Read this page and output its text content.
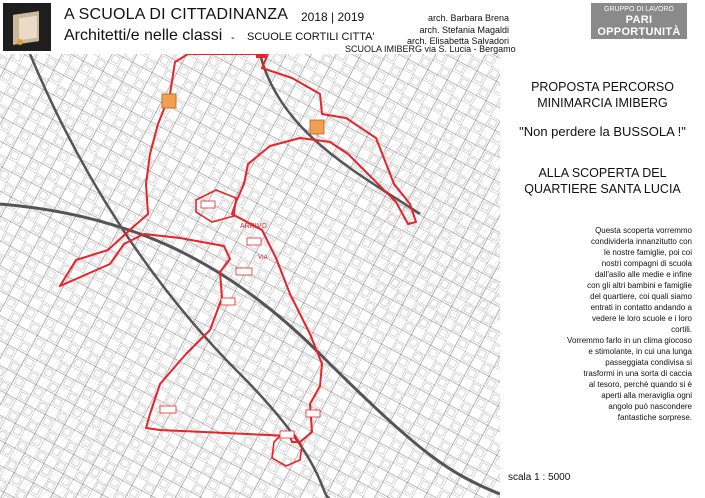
A SCUOLA DI CITTADINANZA
Architetti/e nelle classi - SCUOLE CORTILI CITTA'
2018 | 2019	arch. Barbara Brena
arch. Stefania Magaldi
arch. Elisabetta Salvadori
SCUOLA IMIBERG via S. Lucia - Bergamo
GRUPPO DI LAVORO
PARI OPPORTUNITÀ
OAB
ARRIVO
VIA
PROPOSTA PERCORSO
MINIMARCIA IMIBERG
"Non perdere la BUSSOLA !"
ALLA SCOPERTA DEL
QUARTIERE SANTA LUCIA
Questa scoperta vorremmo
condividerla innanzitutto con
le nostre famiglie, poi coi
nostri compagni di scuola
dall'asilo alle medie e infine
con gli altri bambini e famiglie
del quartiere, coi quali siamo
entrati in contatto andando a
vedere le loro scuole e i loro
cortili.
Vorremmo farlo in un clima giocoso
e stimolante, in cui una lunga
passeggiata condivisa si
trasformi in una sorta di caccia
al tesoro, perchè quando si è
aperti alla meraviglia ogni
angolo può nascondere
fantastiche sorprese.
scala 1 : 5000
